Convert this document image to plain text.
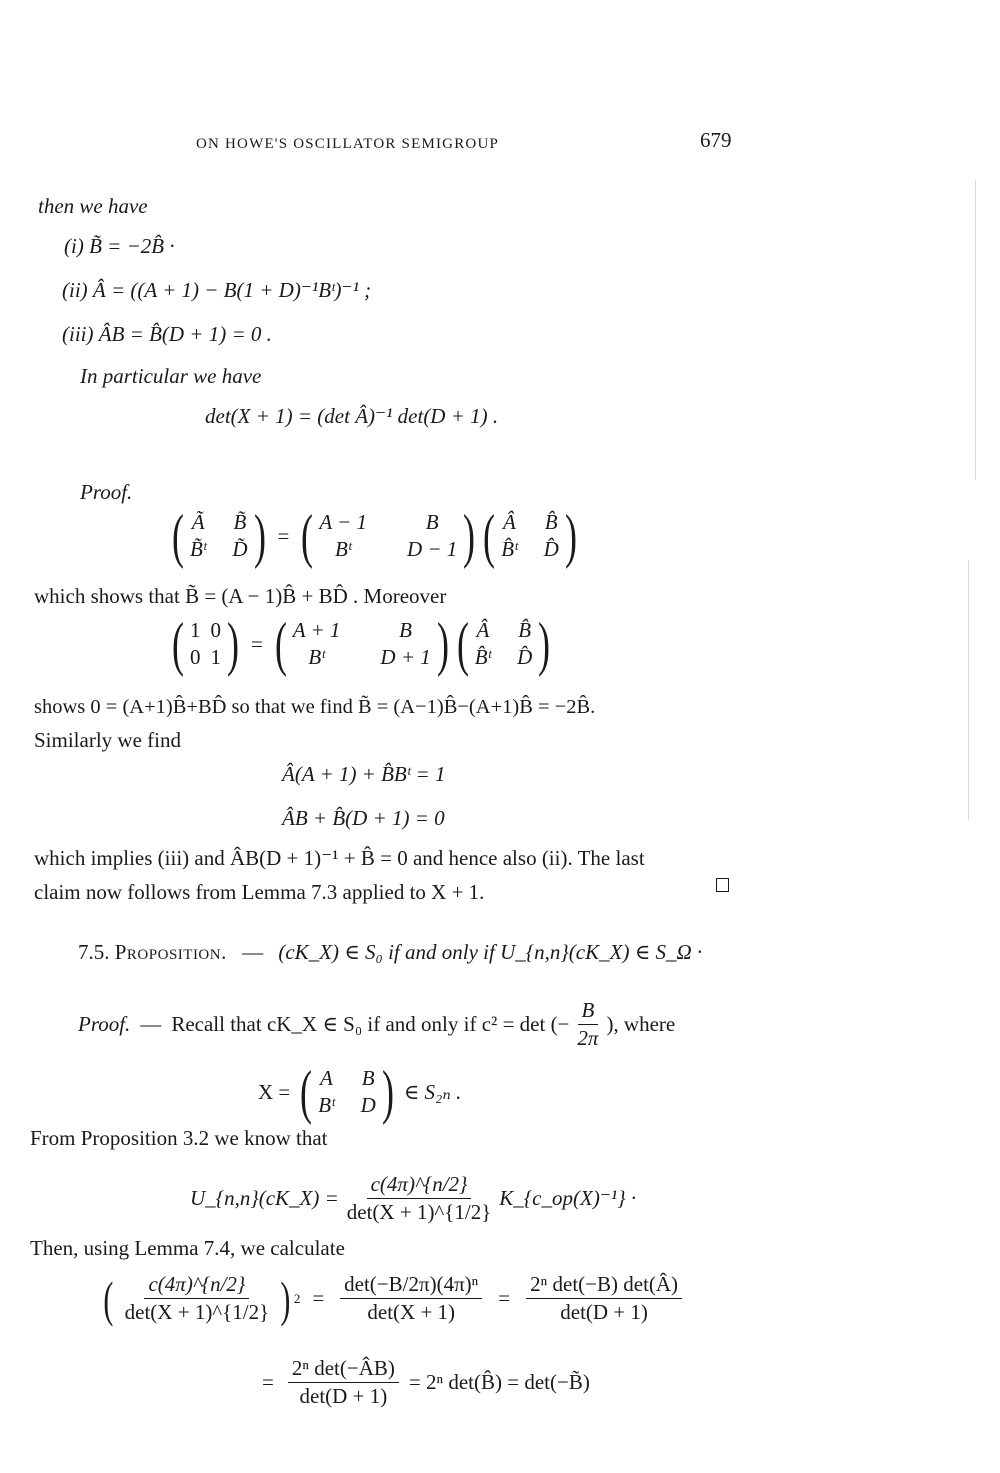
ON HOWE'S OSCILLATOR SEMIGROUP	679
then we have
(i) B̃ = −2B̂ ·
(ii) Â = ((A + 1) − B(1 + D)⁻¹Bᵗ)⁻¹ ;
(iii) ÂB = B̂(D + 1) = 0 .
In particular we have
det(X + 1) = (det Â)⁻¹ det(D + 1) .
Proof.
( Ã B̃
B̃ᵗ D̃ ) = ( A − 1	B
Bᵗ	D − 1 ) ( Â B̂
B̂ᵗ D̂ )
which shows that B̃ = (A − 1)B̂ + BD̂ . Moreover
( 1 0
0 1 ) = ( A + 1	B
Bᵗ	D + 1 ) ( Â B̂
B̂ᵗ D̂ )
shows 0 = (A+1)B̂+BD̂ so that we find B̃ = (A−1)B̂−(A+1)B̂ = −2B̂.
Similarly we find
Â(A + 1) + B̂Bᵗ = 1
ÂB + B̂(D + 1) = 0
which implies (iii) and ÂB(D + 1)⁻¹ + B̂ = 0 and hence also (ii). The last
claim now follows from Lemma 7.3 applied to X + 1.
7.5. Proposition. — (cK_X) ∈ S₀ if and only if U_{n,n}(cK_X) ∈ S_Ω ·
Proof. — Recall that cK_X ∈ S₀ if and only if c² = det (− $\frac{B}{2\pi}$ ), where
X = ( A B
Bᵗ D ) ∈ S₂ₙ .
From Proposition 3.2 we know that
U_{n,n}(cK_X) = $\frac{c(4\pi)\^{}\{n/2\}}{\det(X + 1)\^{}\{1/2\}}$ K_{c_op(X)⁻¹} ·
Then, using Lemma 7.4, we calculate
( $\frac{c(4\pi)\^{}\{n/2\}}{\det(X + 1)\^{}\{1/2\}}$ ) $2 = \frac{\text{det(−B/2π)(4π)ⁿ}}{\det(X + 1)} = \frac{\text{2ⁿ det(−B) det(Â)}}{\det(D + 1)}$
= $\frac{\text{2ⁿ det(−ÂB)}}{\det(D + 1)} = 2^n$ det(B̂) = det(−B̃)
